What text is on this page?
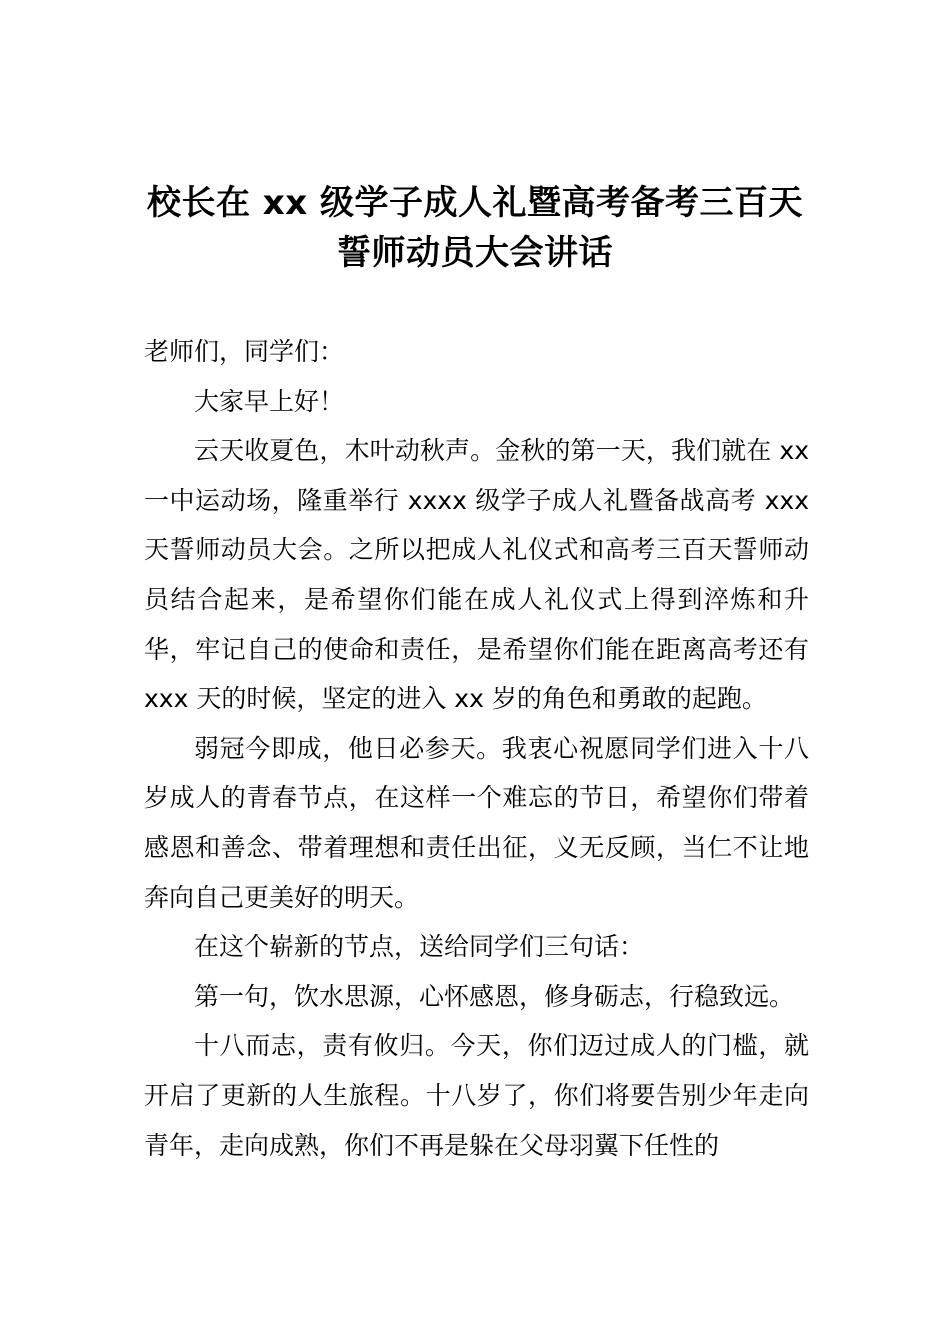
校长在 xx 级学子成人礼暨高考备考三百天
誓师动员大会讲话

老师们，同学们：

大家早上好！

云天收夏色，木叶动秋声。金秋的第一天，我们就在 xx 一中运动场，隆重举行 xxxx 级学子成人礼暨备战高考 xxx 天誓师动员大会。之所以把成人礼仪式和高考三百天誓师动员结合起来，是希望你们能在成人礼仪式上得到淬炼和升华，牢记自己的使命和责任，是希望你们能在距离高考还有 xxx 天的时候，坚定的进入 xx 岁的角色和勇敢的起跑。

弱冠今即成，他日必参天。我衷心祝愿同学们进入十八岁成人的青春节点，在这样一个难忘的节日，希望你们带着感恩和善念、带着理想和责任出征，义无反顾，当仁不让地奔向自己更美好的明天。

在这个崭新的节点，送给同学们三句话：

第一句，饮水思源，心怀感恩，修身砺志，行稳致远。

十八而志，责有攸归。今天，你们迈过成人的门槛，就开启了更新的人生旅程。十八岁了，你们将要告别少年走向青年，走向成熟，你们不再是躲在父母羽翼下任性的
